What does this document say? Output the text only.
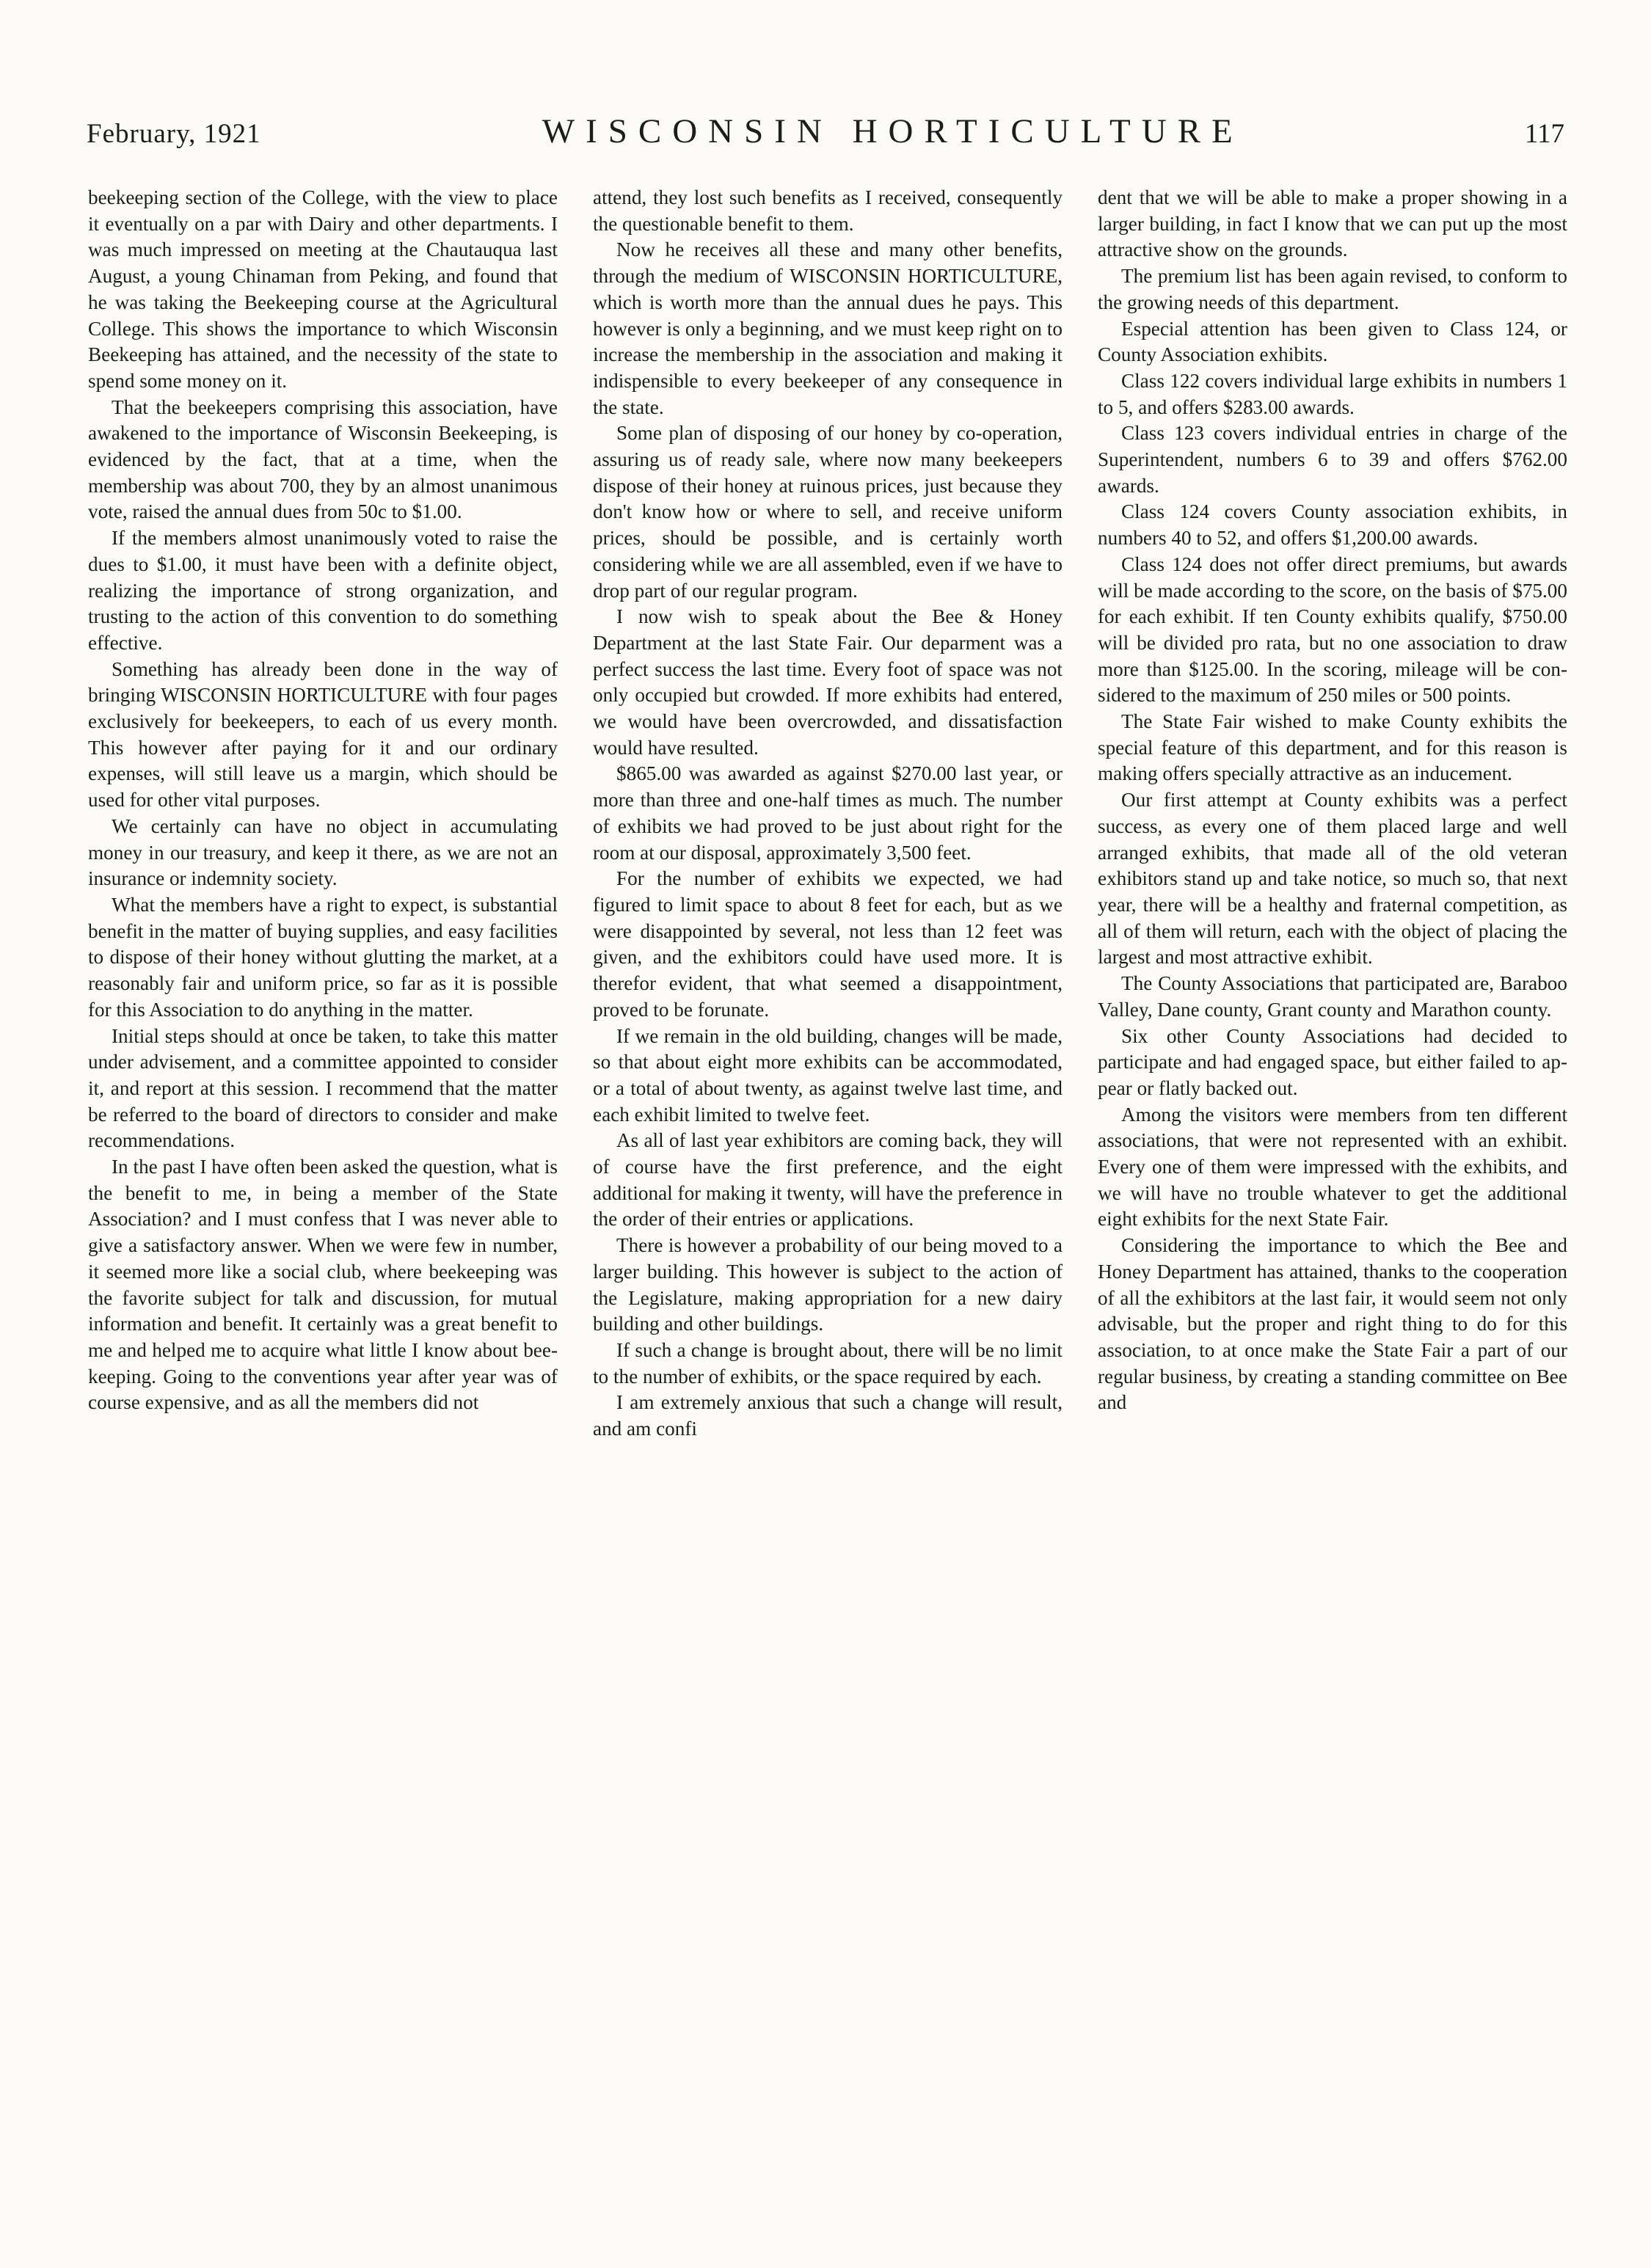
February, 1921	WISCONSIN HORTICULTURE	117

beekeeping section of the College, with the view to place it eventually on a par with Dairy and other departments. I was much impressed on meeting at the Chautauqua last August, a young Chinaman from Peking, and found that he was taking the Beekeeping course at the Agricultural College. This shows the importance to which Wisconsin Beekeeping has attained, and the necessity of the state to spend some money on it.

That the beekeepers comprising this association, have awakened to the importance of Wisconsin Beekeeping, is evidenced by the fact, that at a time, when the membership was about 700, they by an almost unanimous vote, raised the annual dues from 50c to $1.00.

If the members almost unanimously voted to raise the dues to $1.00, it must have been with a definite object, realizing the importance of strong organization, and trusting to the action of this convention to do something effective.

Something has already been done in the way of bringing WISCONSIN HORTICULTURE with four pages exclusively for beekeepers, to each of us every month. This however after paying for it and our ordinary expenses, will still leave us a margin, which should be used for other vital purposes.

We certainly can have no object in accumulating money in our treasury, and keep it there, as we are not an insurance or indemnity society.

What the members have a right to expect, is substantial benefit in the matter of buying supplies, and easy facilities to dispose of their honey without glutting the market, at a reasonably fair and uniform price, so far as it is possible for this Association to do anything in the matter.

Initial steps should at once be taken, to take this matter under advisement, and a committee appointed to consider it, and report at this session. I recommend that the matter be referred to the board of directors to consider and make recommendations.

In the past I have often been asked the question, what is the benefit to me, in being a member of the State Association? and I must confess that I was never able to give a satisfactory answer. When we were few in number, it seemed more like a social club, where beekeeping was the favorite subject for talk and discussion, for mutual information and benefit. It certainly was a great benefit to me and helped me to acquire what little I know about beekeeping. Going to the conventions year after year was of course expensive, and as all the members did not

attend, they lost such benefits as I received, consequently the questionable benefit to them.

Now he receives all these and many other benefits, through the medium of WISCONSIN HORTICULTURE, which is worth more than the annual dues he pays. This however is only a beginning, and we must keep right on to increase the membership in the association and making it indispensible to every beekeeper of any consequence in the state.

Some plan of disposing of our honey by co-operation, assuring us of ready sale, where now many beekeepers dispose of their honey at ruinous prices, just because they don't know how or where to sell, and receive uniform prices, should be possible, and is certainly worth considering while we are all assembled, even if we have to drop part of our regular program.

I now wish to speak about the Bee & Honey Department at the last State Fair. Our deparment was a perfect success the last time. Every foot of space was not only occupied but crowded. If more exhibits had entered, we would have been overcrowded, and dissatisfaction would have resulted.

$865.00 was awarded as against $270.00 last year, or more than three and one-half times as much. The number of exhibits we had proved to be just about right for the room at our disposal, approximately 3,500 feet.

For the number of exhibits we expected, we had figured to limit space to about 8 feet for each, but as we were disappointed by several, not less than 12 feet was given, and the exhibitors could have used more. It is therefor evident, that what seemed a disappointment, proved to be forunate.

If we remain in the old building, changes will be made, so that about eight more exhibits can be accommodated, or a total of about twenty, as against twelve last time, and each exhibit limited to twelve feet.

As all of last year exhibitors are coming back, they will of course have the first preference, and the eight additional for making it twenty, will have the preference in the order of their entries or applications.

There is however a probability of our being moved to a larger building. This however is subject to the action of the Legislature, making appropriation for a new dairy building and other buildings.

If such a change is brought about, there will be no limit to the number of exhibits, or the space required by each.

I am extremely anxious that such a change will result, and am confi

dent that we will be able to make a proper showing in a larger building, in fact I know that we can put up the most attractive show on the grounds.

The premium list has been again revised, to conform to the growing needs of this department.

Especial attention has been given to Class 124, or County Association exhibits.

Class 122 covers individual large exhibits in numbers 1 to 5, and offers $283.00 awards.

Class 123 covers individual entries in charge of the Superintendent, numbers 6 to 39 and offers $762.00 awards.

Class 124 covers County association exhibits, in numbers 40 to 52, and offers $1,200.00 awards.

Class 124 does not offer direct premiums, but awards will be made according to the score, on the basis of $75.00 for each exhibit. If ten County exhibits qualify, $750.00 will be divided pro rata, but no one association to draw more than $125.00. In the scoring, mileage will be considered to the maximum of 250 miles or 500 points.

The State Fair wished to make County exhibits the special feature of this department, and for this reason is making offers specially attractive as an inducement.

Our first attempt at County exhibits was a perfect success, as every one of them placed large and well arranged exhibits, that made all of the old veteran exhibitors stand up and take notice, so much so, that next year, there will be a healthy and fraternal competition, as all of them will return, each with the object of placing the largest and most attractive exhibit.

The County Associations that participated are, Baraboo Valley, Dane county, Grant county and Marathon county.

Six other County Associations had decided to participate and had engaged space, but either failed to appear or flatly backed out.

Among the visitors were members from ten different associations, that were not represented with an exhibit. Every one of them were impressed with the exhibits, and we will have no trouble whatever to get the additional eight exhibits for the next State Fair.

Considering the importance to which the Bee and Honey Department has attained, thanks to the cooperation of all the exhibitors at the last fair, it would seem not only advisable, but the proper and right thing to do for this association, to at once make the State Fair a part of our regular business, by creating a standing committee on Bee and
